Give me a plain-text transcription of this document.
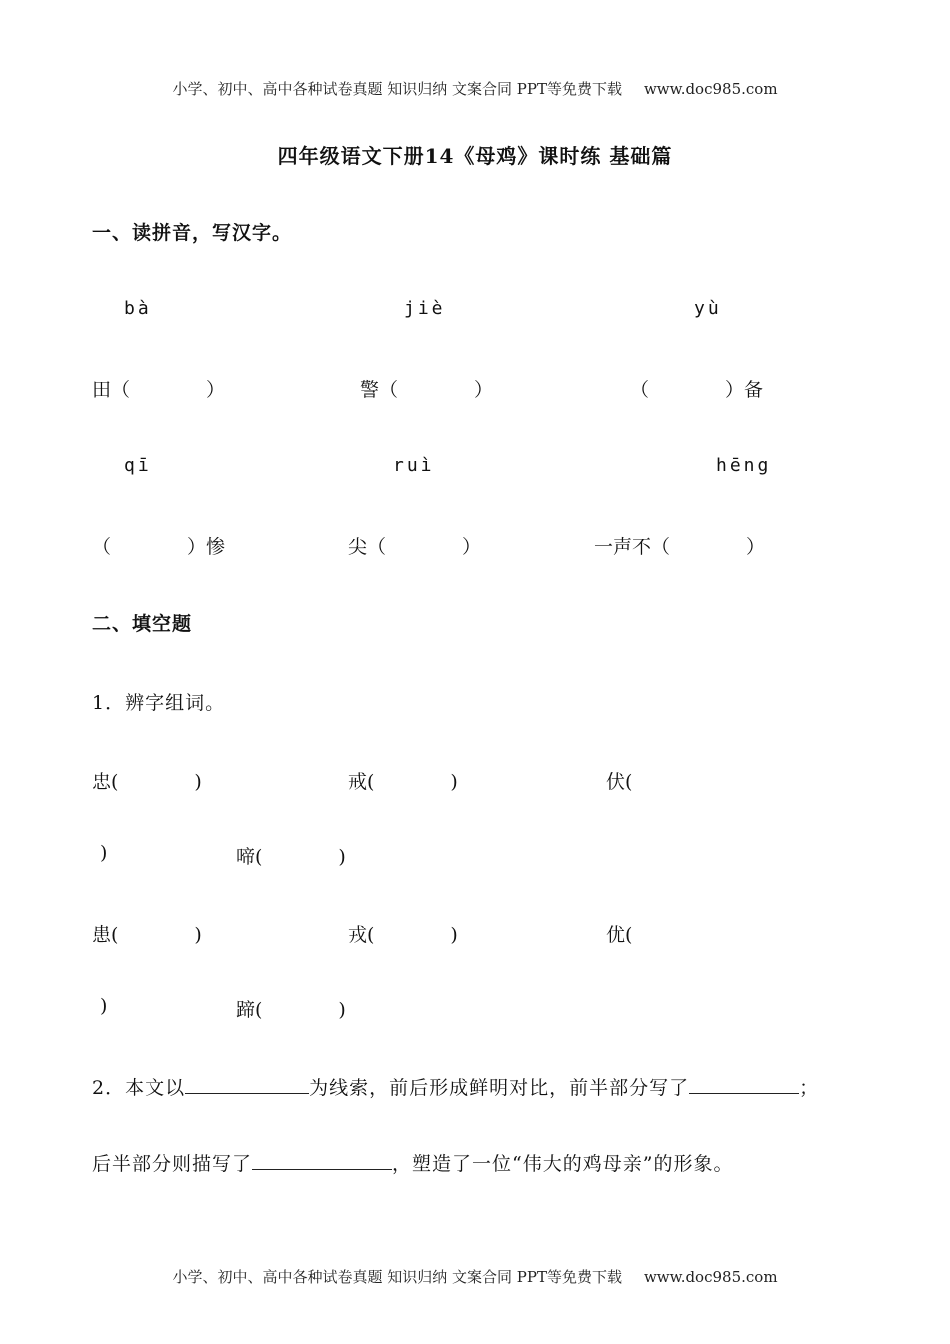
小学、初中、高中各种试卷真题 知识归纳 文案合同 PPT等免费下载 www.doc985.com
四年级语文下册14《母鸡》课时练 基础篇
一、读拼音，写汉字。
bà	jiè	yù
田（　　　　）	警（　　　　）	（　　　　）备
qī	ruì	hēng
（　　　　）惨	尖（　　　　）	一声不（　　　　）
二、填空题
1．辨字组词。
忠(　　　　)	戒(　　　　)	伏(
)	啼(　　　　)
患(　　　　)	戎(　　　　)	优(
)	蹄(　　　　)
2．本文以	为线索，前后形成鲜明对比，前半部分写了	；
后半部分则描写了	，塑造了一位“伟大的鸡母亲”的形象。
小学、初中、高中各种试卷真题 知识归纳 文案合同 PPT等免费下载 www.doc985.com
